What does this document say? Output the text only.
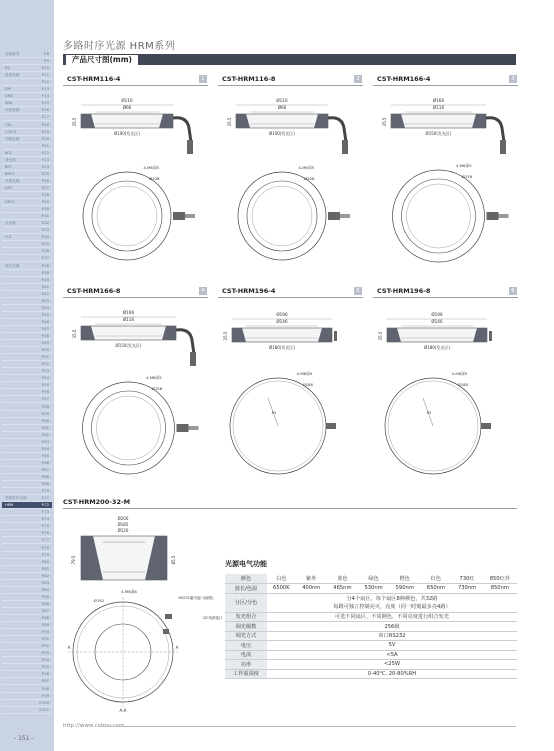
光源系列	P.8
P.9
RS	P.10
条形光源	P.11
P.12
DM	P.13
DMS	P.14
SBA	P.15
环形光源	P.16
P.17
CDL	P.18
COX-IT	P.19
同轴光源	P.20
P.21
BCL	P.22
背光源	P.23
BFS	P.24
BHFS	P.25
平面光源	P.26
DFS	P.27
P.28
DRFS	P.29
P.30
P.31
点光源	P.32
P.33
FLS	P.34
P.35
P.36
P.37
线扫光源	P.38
P.39
P.40
P.41
P.42
P.43
P.44
P.45
P.46
P.47
P.48
P.49
P.50
P.51
P.52
P.53
P.54
P.55
P.56
P.57
P.58
P.59
P.60
P.61
P.62
P.63
P.64
P.65
P.66
P.67
P.68
P.69
P.70
多路时序光源	P.71
HRM	P.72
P.73
P.74
P.75
P.76
P.77
P.78
P.79
P.80
P.81
P.82
P.83
P.84
P.85
P.86
P.87
P.88
P.89
P.90
P.91
P.92
P.93
P.94
P.95
P.96
P.97
P.98
P.99
P.100
P.101
多路时序光源 HRM系列
产品尺寸图(mm)
CST-HRM116-4	1
Ø116
Ø66
Ø100(发光区)
35.5
4-M6深5
Ø108
CST-HRM116-8	2
Ø116
Ø66
Ø100(发光区)
35.5
4-M6深5
Ø108
CST-HRM166-4	3
Ø166
Ø116
Ø150(发光区)
35.5
4-M6深5
Ø158
CST-HRM166-8	4
Ø166
Ø116
Ø150(发光区)
35.5
4-M6深5
Ø158
CST-HRM196-4	5
Ø196
Ø146
Ø180(发光区)
35.5
R5
4-M6深5
Ø188
CST-HRM196-8	6
Ø196
Ø146
Ø180(发光区)
35.5
R5
4-M6深5
Ø188
CST-HRM200-32-M
Ø200
Ø185
Ø120
79.5	85.5
4-M6深8
Ø192	RS232通讯接口(编程)
DC电源接口
A	A
A-A
光源电气功能
颜色	白色	紫外	蓝色	绿色	橙色	红色	730红	850红外
波长/色温	6500K	400nm	465nm	530nm	590nm	650nm	730nm	850nm
分区/分色	分4个扇区，每个扇区8种颜色，共32路
每路可独立控制亮灭，亮度（同一时刻最多亮4路）							

发光组合	可选不同扇区、不同颜色、不同亮度进行组合发光							
调光级数	256级							
调光方式	串口RS232							
电压	5V							
电流	<5A							
功率	<25W							
工作温湿度	0-40℃, 20-80%RH							
http://www.cstmv.com
- 151 -
